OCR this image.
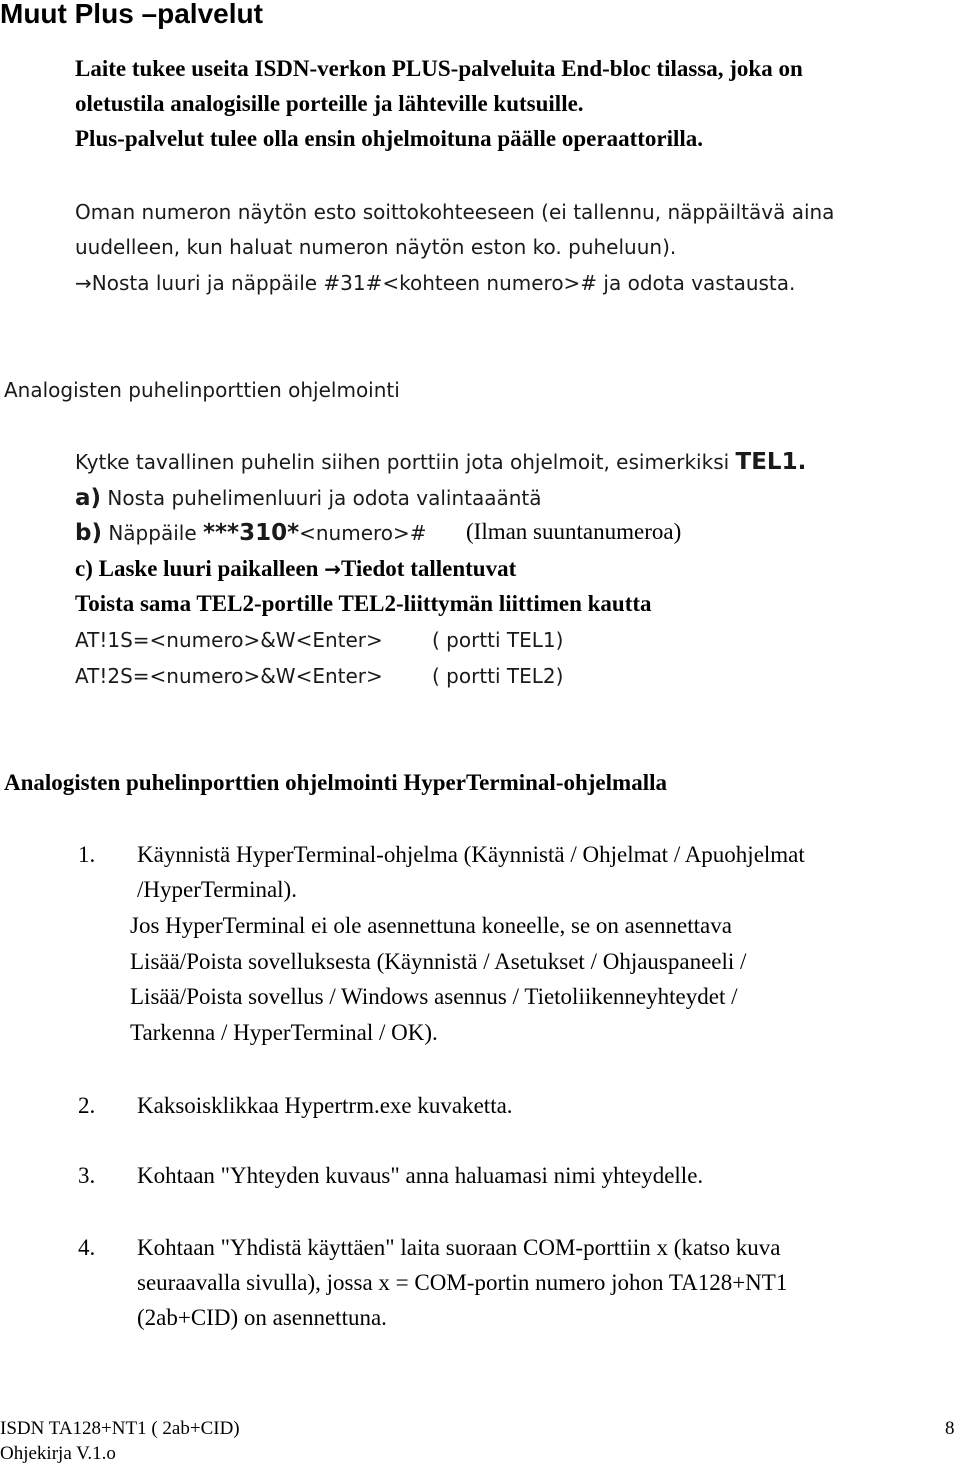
Muut Plus –palvelut
Laite tukee useita ISDN-verkon PLUS-palveluita End-bloc tilassa, joka on
oletustila analogisille porteille ja lähteville kutsuille.
Plus-palvelut tulee olla ensin ohjelmoituna päälle operaattorilla.
Oman numeron näytön esto soittokohteeseen (ei tallennu, näppäiltävä aina
uudelleen, kun haluat numeron näytön eston ko. puheluun).
→Nosta luuri ja näppäile #31#<kohteen numero># ja odota vastausta.
Analogisten puhelinporttien ohjelmointi
Kytke tavallinen puhelin siihen porttiin jota ohjelmoit, esimerkiksi TEL1.
a) Nosta puhelimenluuri ja odota valintaaäntä
b) Näppäile ***310*<numero># (Ilman suuntanumeroa)
c) Laske luuri paikalleen →Tiedot tallentuvat
Toista sama TEL2-portille TEL2-liittymän liittimen kautta
AT!1S=<numero>&W<Enter> ( portti TEL1)
AT!2S=<numero>&W<Enter> ( portti TEL2)
Analogisten puhelinporttien ohjelmointi HyperTerminal-ohjelmalla
1. Käynnistä HyperTerminal-ohjelma (Käynnistä / Ohjelmat / Apuohjelmat
/HyperTerminal).
Jos HyperTerminal ei ole asennettuna koneelle, se on asennettava
Lisää/Poista sovelluksesta (Käynnistä / Asetukset / Ohjauspaneeli /
Lisää/Poista sovellus / Windows asennus / Tietoliikenneyhteydet /
Tarkenna / HyperTerminal / OK).
2. Kaksoisklikkaa Hypertrm.exe kuvaketta.
3. Kohtaan "Yhteyden kuvaus" anna haluamasi nimi yhteydelle.
4. Kohtaan "Yhdistä käyttäen" laita suoraan COM-porttiin x (katso kuva
seuraavalla sivulla), jossa x = COM-portin numero johon TA128+NT1
(2ab+CID) on asennettuna.
ISDN TA128+NT1 ( 2ab+CID)
Ohjekirja V.1.o
8
